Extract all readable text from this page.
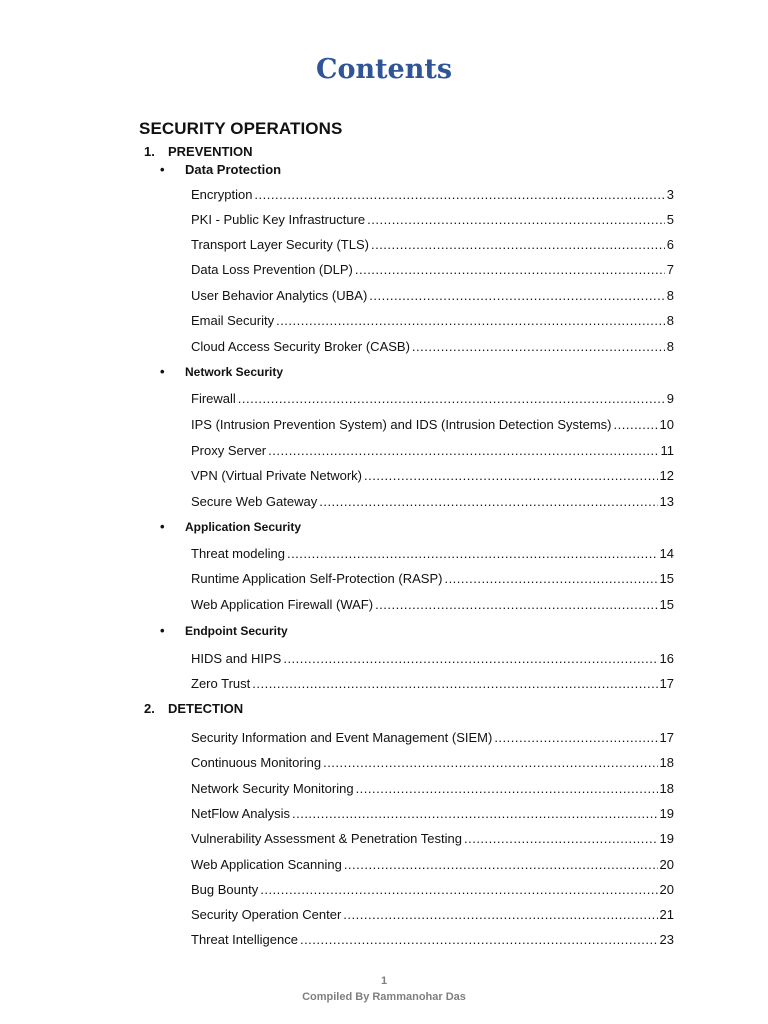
Contents
SECURITY OPERATIONS
1. PREVENTION
• Data Protection
Encryption .....	3
PKI - Public Key Infrastructure .....	5
Transport Layer Security (TLS) .....	6
Data Loss Prevention (DLP) .....	7
User Behavior Analytics (UBA) .....	8
Email Security .....	8
Cloud Access Security Broker (CASB) .....	8
• Network Security
Firewall .....	9
IPS (Intrusion Prevention System) and IDS (Intrusion Detection Systems) .....	10
Proxy Server .....	11
VPN (Virtual Private Network) .....	12
Secure Web Gateway .....	13
• Application Security
Threat modeling .....	14
Runtime Application Self-Protection (RASP) .....	15
Web Application Firewall (WAF) .....	15
• Endpoint Security
HIDS and HIPS .....	16
Zero Trust .....	17
2. DETECTION
Security Information and Event Management (SIEM) .....	17
Continuous Monitoring .....	18
Network Security Monitoring .....	18
NetFlow Analysis .....	19
Vulnerability Assessment & Penetration Testing .....	19
Web Application Scanning .....	20
Bug Bounty .....	20
Security Operation Center .....	21
Threat Intelligence .....	23
1
Compiled By Rammanohar Das
